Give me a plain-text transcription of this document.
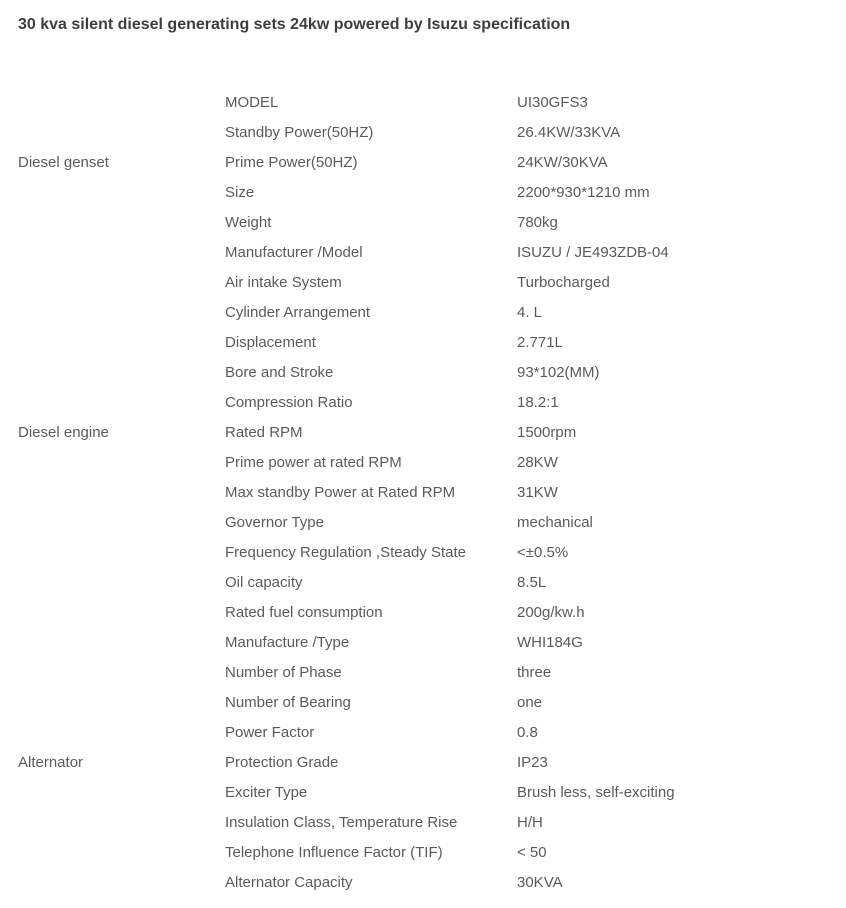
30 kva silent diesel generating sets 24kw powered by Isuzu specification
Diesel genset	MODEL	UI30GFS3
	Standby Power(50HZ)	26.4KW/33KVA
	Prime Power(50HZ)	24KW/30KVA
	Size	2200*930*1210 mm
	Weight	780kg
Diesel engine	Manufacturer /Model	ISUZU / JE493ZDB-04
	Air intake System	Turbocharged
	Cylinder Arrangement	4. L
	Displacement	2.771L
	Bore and Stroke	93*102(MM)
	Compression Ratio	18.2:1
	Rated RPM	1500rpm
	Prime power at rated RPM	28KW
	Max standby Power at Rated RPM	31KW
	Governor Type	mechanical
	Frequency Regulation ,Steady State	<±0.5%
	Oil capacity	8.5L
	Rated fuel consumption	200g/kw.h
Alternator	Manufacture /Type	WHI184G
	Number of Phase	three
	Number of Bearing	one
	Power Factor	0.8
	Protection Grade	IP23
	Exciter Type	Brush less, self-exciting
	Insulation Class, Temperature Rise	H/H
	Telephone Influence Factor (TIF)	< 50
	Alternator Capacity	30KVA
